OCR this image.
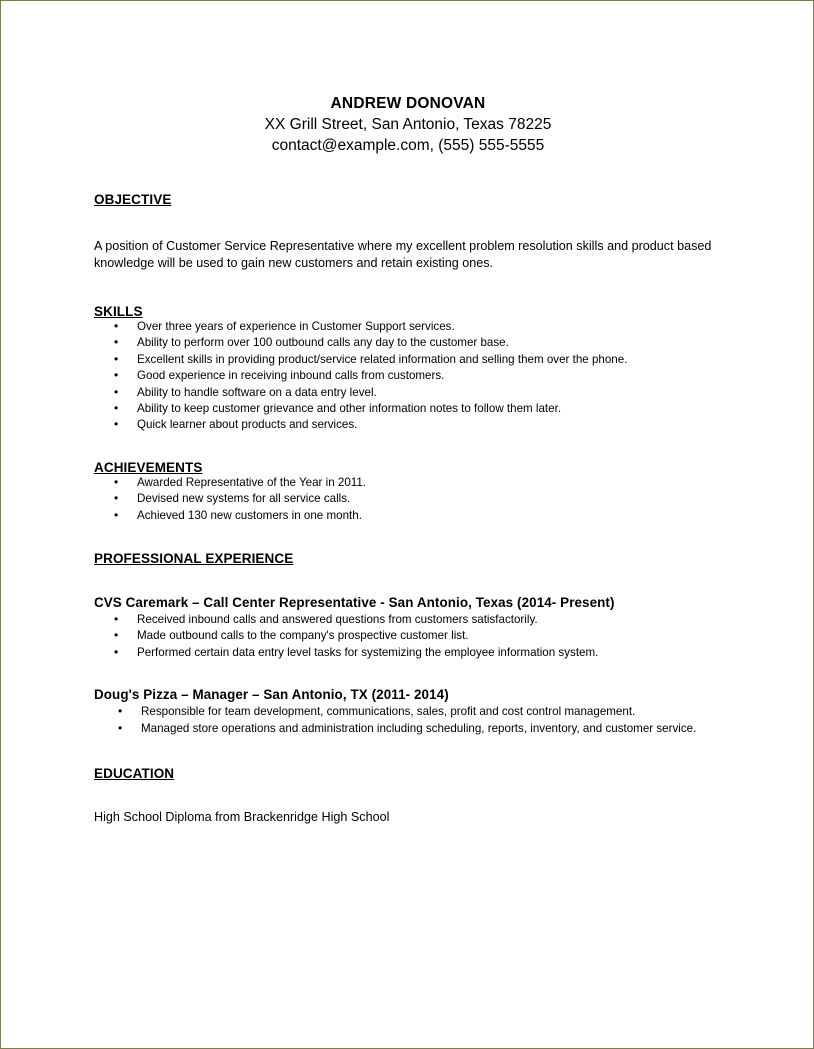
ANDREW DONOVAN
XX Grill Street, San Antonio, Texas 78225
contact@example.com, (555) 555-5555
OBJECTIVE
A position of Customer Service Representative where my excellent problem resolution skills and product based knowledge will be used to gain new customers and retain existing ones.
SKILLS
• Over three years of experience in Customer Support services.
• Ability to perform over 100 outbound calls any day to the customer base.
• Excellent skills in providing product/service related information and selling them over the phone.
• Good experience in receiving inbound calls from customers.
• Ability to handle software on a data entry level.
• Ability to keep customer grievance and other information notes to follow them later.
• Quick learner about products and services.
ACHIEVEMENTS
• Awarded Representative of the Year in 2011.
• Devised new systems for all service calls.
• Achieved 130 new customers in one month.
PROFESSIONAL EXPERIENCE
CVS Caremark – Call Center Representative - San Antonio, Texas (2014- Present)
• Received inbound calls and answered questions from customers satisfactorily.
• Made outbound calls to the company's prospective customer list.
• Performed certain data entry level tasks for systemizing the employee information system.
Doug's Pizza – Manager – San Antonio, TX (2011- 2014)
• Responsible for team development, communications, sales, profit and cost control management.
• Managed store operations and administration including scheduling, reports, inventory, and customer service.
EDUCATION
High School Diploma from Brackenridge High School
